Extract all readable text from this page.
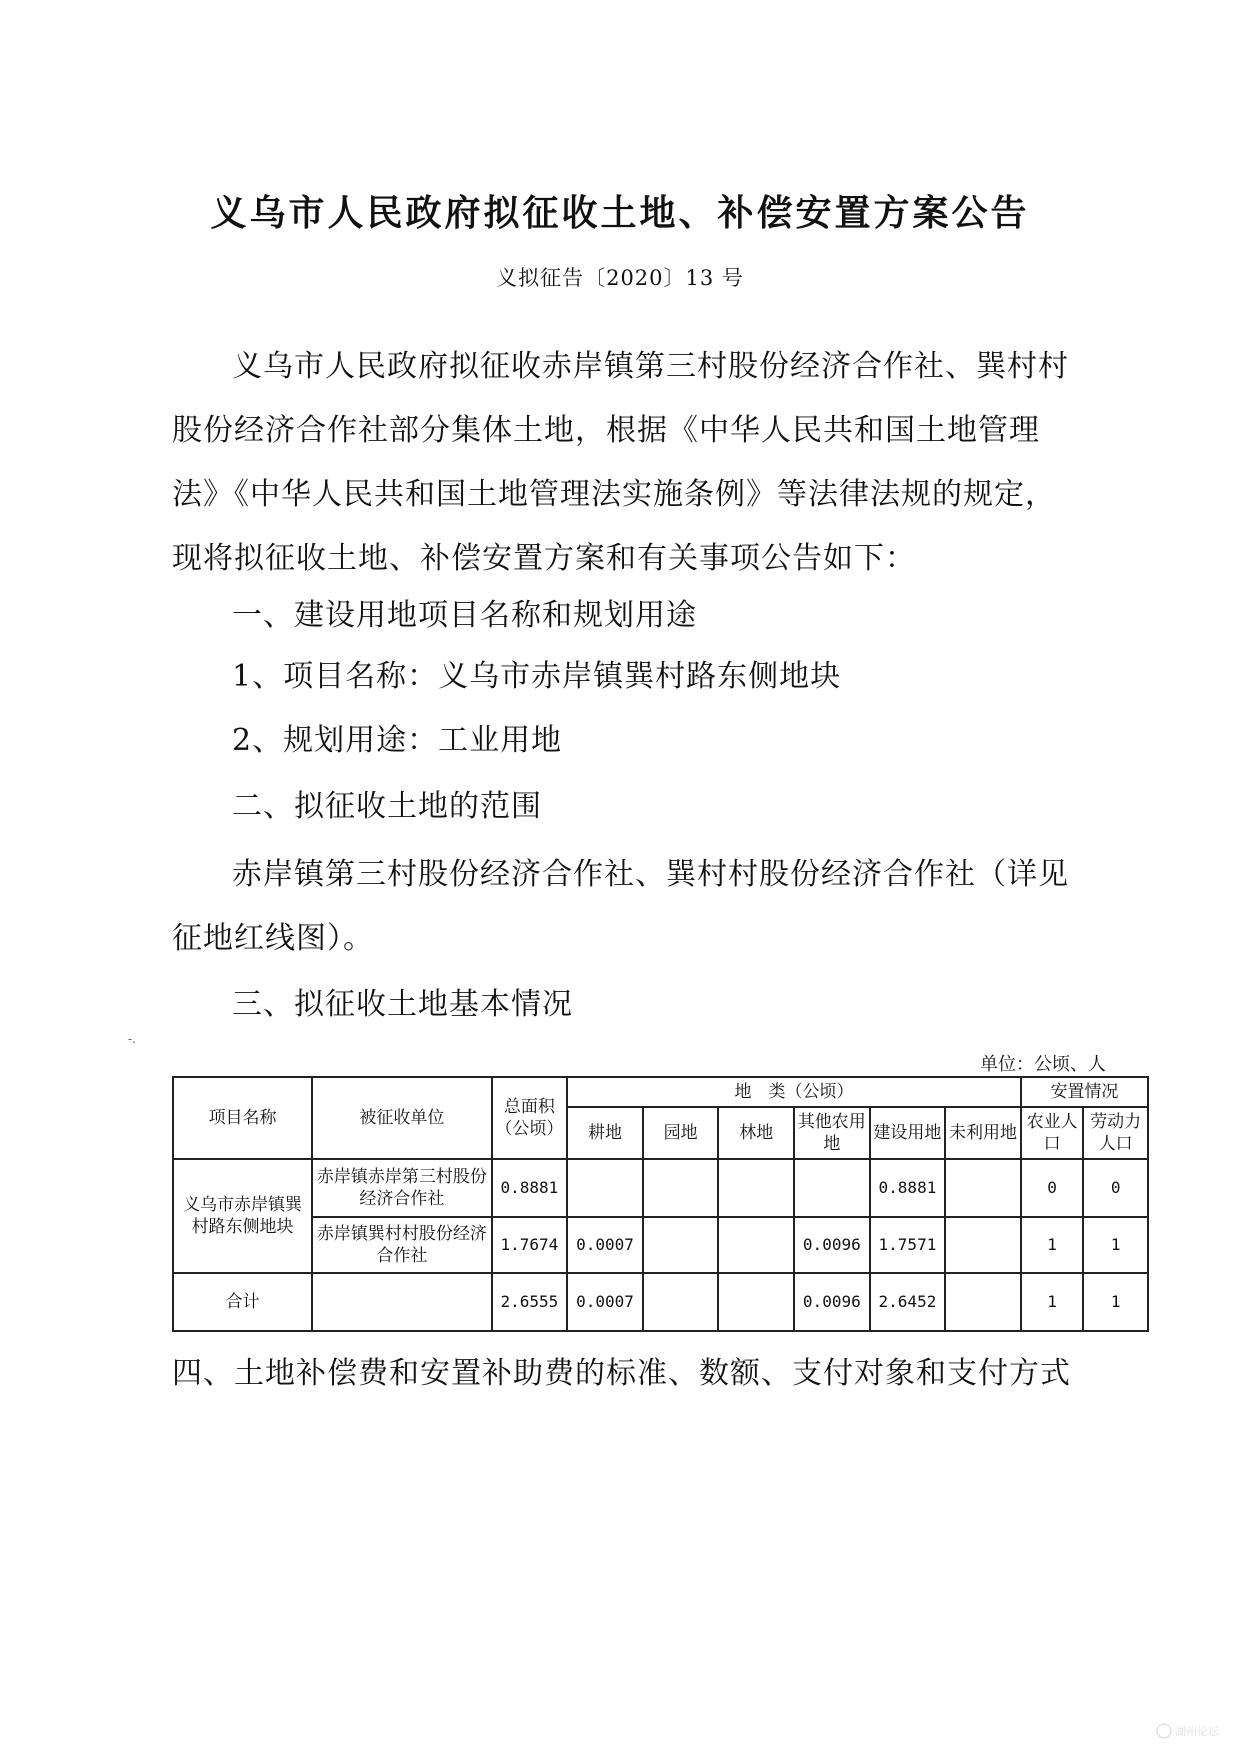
义乌市人民政府拟征收土地、补偿安置方案公告
义拟征告〔2020〕13 号

义乌市人民政府拟征收赤岸镇第三村股份经济合作社、巽村村股份经济合作社部分集体土地，根据《中华人民共和国土地管理法》《中华人民共和国土地管理法实施条例》等法律法规的规定，现将拟征收土地、补偿安置方案和有关事项公告如下：

一、建设用地项目名称和规划用途
1、项目名称：义乌市赤岸镇巽村路东侧地块
2、规划用途：工业用地
二、拟征收土地的范围

赤岸镇第三村股份经济合作社、巽村村股份经济合作社（详见征地红线图）。

三、拟征收土地基本情况
-.
单位：公顷、人
项目名称	被征收单位	总面积（公顷）	地　类（公顷）						安置情况	
			耕地	园地	林地	其他农用地	建设用地	未利用地	农业人口	劳动力人口
义乌市赤岸镇巽村路东侧地块	赤岸镇赤岸第三村股份经济合作社	0.8881					0.8881		0	0
	赤岸镇巽村村股份经济合作社	1.7674	0.0007			0.0096	1.7571		1	1
合计		2.6555	0.0007			0.0096	2.6452		1	1
四、土地补偿费和安置补助费的标准、数额、支付对象和支付方式
湖州论坛
